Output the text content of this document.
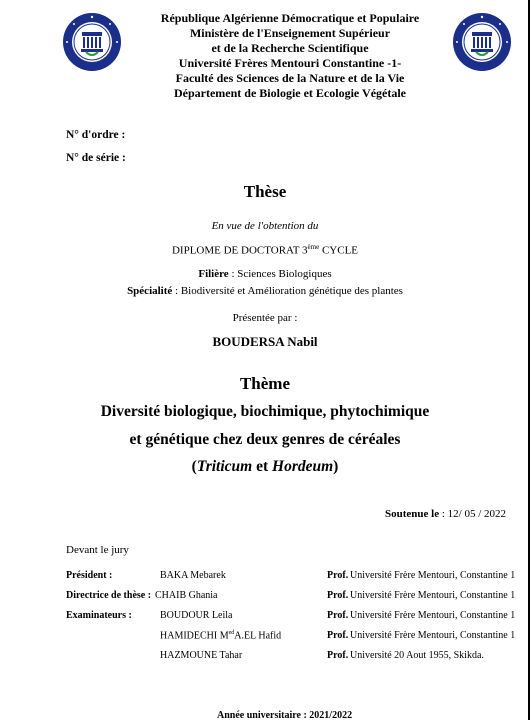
République Algérienne Démocratique et Populaire
Ministère de l'Enseignement Supérieur
et de la Recherche Scientifique
Université Frères Mentouri Constantine -1-
Faculté des Sciences de la Nature et de la Vie
Département de Biologie et Ecologie Végétale
N° d'ordre :
N° de série :
Thèse
En vue de l'obtention du
DIPLOME DE DOCTORAT 3ème CYCLE
Filière : Sciences Biologiques
Spécialité : Biodiversité et Amélioration génétique des plantes
Présentée par :
BOUDERSA Nabil
Thème
Diversité biologique, biochimique, phytochimique
et génétique chez deux genres de céréales
(Triticum et Hordeum)
Soutenue le : 12/ 05 / 2022
Devant le jury
Président :	BAKA Mebarek	Prof. Université Frère Mentouri, Constantine 1
Directrice de thèse : CHAIB Ghania	Prof. Université Frère Mentouri, Constantine 1
Examinateurs :	BOUDOUR Leila	Prof. Université Frère Mentouri, Constantine 1
HAMIDECHI $M^{ed}A.EL$ Hafid	Prof. Université Frère Mentouri, Constantine 1
HAZMOUNE Tahar	Prof. Université 20 Aout 1955, Skikda.
Année universitaire : 2021/2022
